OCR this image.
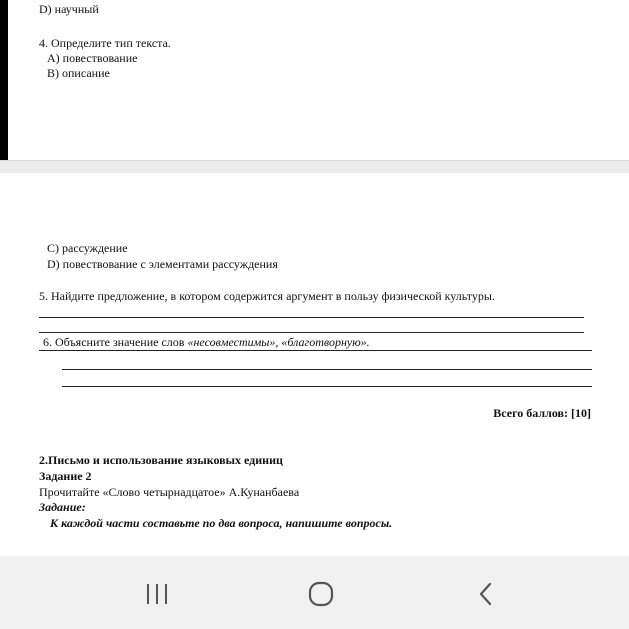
D) научный
4. Определите тип текста.
А) повествование
В) описание
С) рассуждение
D) повествование с элементами рассуждения
5. Найдите предложение, в котором содержится аргумент в пользу физической культуры.
6. Объясните значение слов «несовместимы», «благотворную».
Всего баллов: [10]
2.Письмо и использование языковых единиц
Задание 2
Прочитайте «Слово четырнадцатое» А.Кунанбаева
Задание:
К каждой части составьте по два вопроса, напишите вопросы.
